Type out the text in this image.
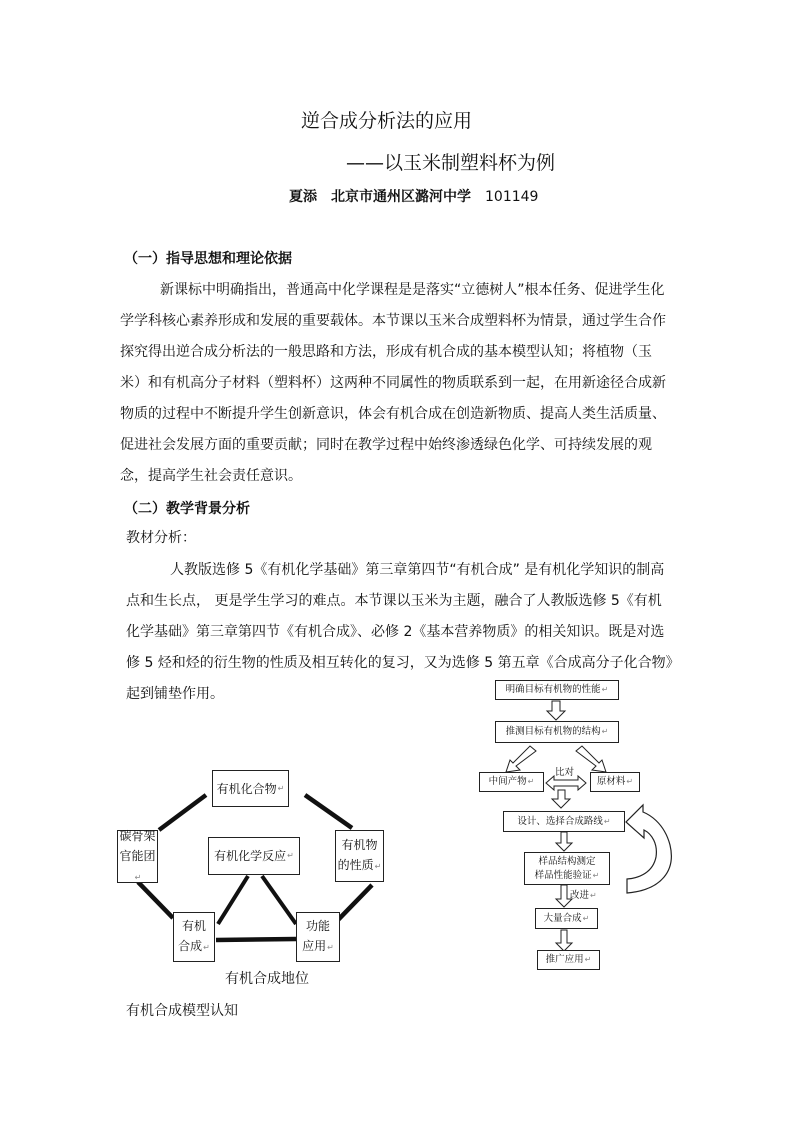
逆合成分析法的应用
——以玉米制塑料杯为例
夏添　北京市通州区潞河中学 101149
（一）指导思想和理论依据
新课标中明确指出，普通高中化学课程是是落实“立德树人”根本任务、促进学生化
学学科核心素养形成和发展的重要载体。本节课以玉米合成塑料杯为情景，通过学生合作
探究得出逆合成分析法的一般思路和方法，形成有机合成的基本模型认知；将植物（玉
米）和有机高分子材料（塑料杯）这两种不同属性的物质联系到一起，在用新途径合成新
物质的过程中不断提升学生创新意识，体会有机合成在创造新物质、提高人类生活质量、
促进社会发展方面的重要贡献；同时在教学过程中始终渗透绿色化学、可持续发展的观
念，提高学生社会责任意识。
（二）教学背景分析
教材分析：
人教版选修 5《有机化学基础》第三章第四节“有机合成” 是有机化学知识的制高
点和生长点， 更是学生学习的难点。本节课以玉米为主题，融合了人教版选修 5《有机
化学基础》第三章第四节《有机合成》、必修 2《基本营养物质》的相关知识。既是对选
修 5 烃和烃的衍生物的性质及相互转化的复习，又为选修 5 第五章《合成高分子化合物》
起到铺垫作用。
有机化合物 ↵
碳骨架
官能团↵
有机化学反应 ↵
有机物
的性质↵
有机
合成↵
功能
应用↵
有机合成地位
有机合成模型认知
明确目标有机物的性能 ↵
推测目标有机物的结构 ↵
中间产物 ↵
比对
原材料 ↵
设计、选择合成路线 ↵
样品结构测定
样品性能验证↵
改进↵
大量合成 ↵
推广应用 ↵
